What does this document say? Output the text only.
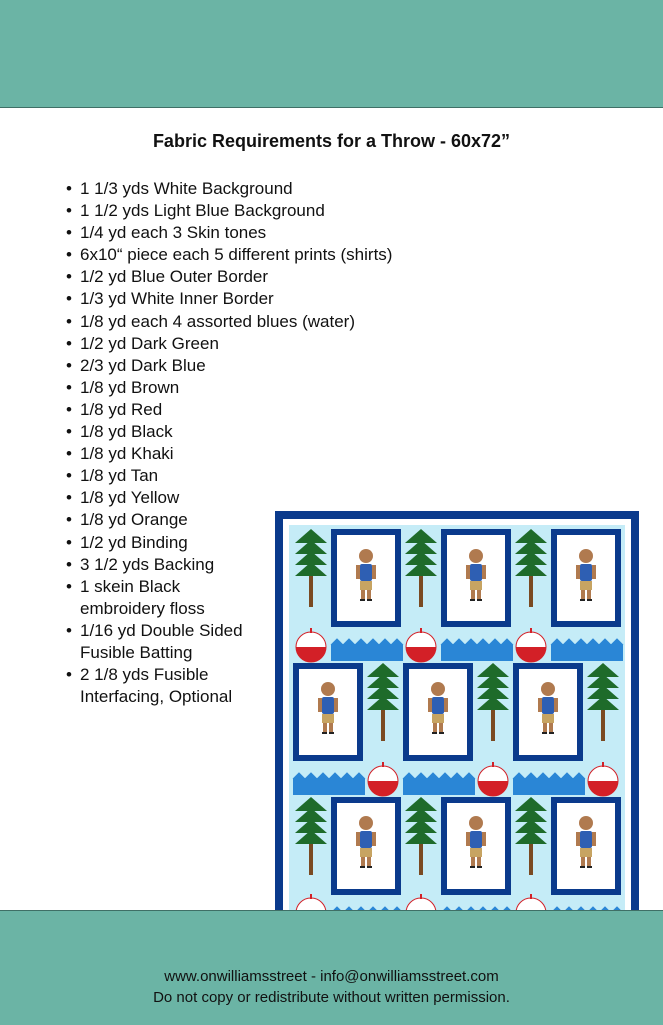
Fabric Requirements for a Throw - 60x72”
• 1 1/3 yds White Background
• 1 1/2 yds Light Blue Background
• 1/4 yd each 3 Skin tones
• 6x10“ piece each 5 different prints (shirts)
• 1/2 yd Blue Outer Border
• 1/3 yd White Inner Border
• 1/8 yd each 4 assorted blues (water)
• 1/2 yd Dark Green
• 2/3 yd Dark Blue
• 1/8 yd Brown
• 1/8 yd Red
• 1/8 yd Black
• 1/8 yd Khaki
• 1/8 yd Tan
• 1/8 yd Yellow
• 1/8 yd Orange
• 1/2 yd Binding
• 3 1/2 yds Backing
• 1 skein Black embroidery floss
• 1/16 yd Double Sided Fusible Batting
• 2 1/8 yds Fusible Interfacing, Optional
www.onwilliamsstreet - info@onwilliamsstreet.com
Do not copy or redistribute without written permission.
